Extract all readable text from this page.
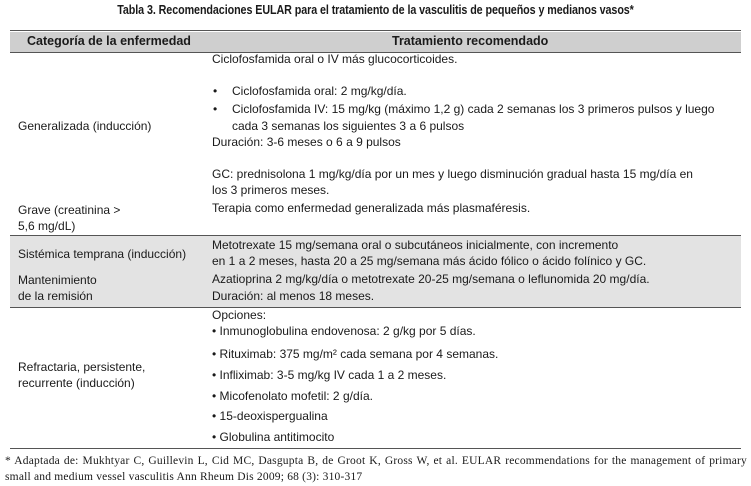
Tabla 3. Recomendaciones EULAR para el tratamiento de la vasculitis de pequeños y medianos vasos*
Categoría de la enfermedad	Tratamiento recomendado
Ciclofosfamida oral o IV más glucocorticoides.
• Ciclofosfamida oral: 2 mg/kg/día.
• Ciclofosfamida IV: 15 mg/kg (máximo 1,2 g) cada 2 semanas los 3 primeros pulsos y luego
cada 3 semanas los siguientes 3 a 6 pulsos
Generalizada (inducción)
Duración: 3-6 meses o 6 a 9 pulsos
GC: prednisolona 1 mg/kg/día por un mes y luego disminución gradual hasta 15 mg/día en
los 3 primeros meses.
Terapia como enfermedad generalizada más plasmaféresis.
Grave (creatinina >
5,6 mg/dL)
Sistémica temprana (inducción)
Metotrexate 15 mg/semana oral o subcutáneos inicialmente, con incremento
en 1 a 2 meses, hasta 20 a 25 mg/semana más ácido fólico o ácido folínico y GC.
Mantenimiento
de la remisión
Azatioprina 2 mg/kg/día o metotrexate 20-25 mg/semana o leflunomida 20 mg/día.
Duración: al menos 18 meses.
Opciones:
• Inmunoglobulina endovenosa: 2 g/kg por 5 días.
• Rituximab: 375 mg/m² cada semana por 4 semanas.
Refractaria, persistente,
• Infliximab: 3-5 mg/kg IV cada 1 a 2 meses.
recurrente (inducción)
• Micofenolato mofetil: 2 g/día.
• 15-deoxispergualina
• Globulina antitimocito
* Adaptada de: Mukhtyar C, Guillevin L, Cid MC, Dasgupta B, de Groot K, Gross W, et al. EULAR recommendations for the management of primary small and medium vessel vasculitis Ann Rheum Dis 2009; 68 (3): 310-317
